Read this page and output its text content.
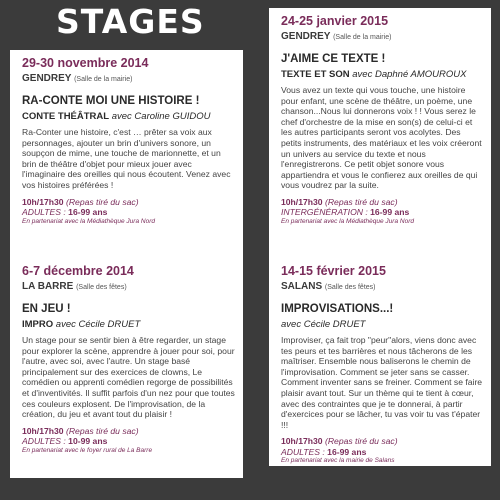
STAGES
29-30 novembre 2014
GENDREY (Salle de la mairie)
RA-CONTE MOI UNE HISTOIRE !
CONTE THÉÂTRAL avec Caroline GUIDOU
Ra-Conter une histoire, c'est … prêter sa voix aux personnages, ajouter un brin d'univers sonore, un soupçon de mime, une touche de marionnette, et un brin de théâtre d'objet pour mieux jouer avec l'imaginaire des oreilles qui nous écoutent. Venez avec vos histoires préférées !
10h/17h30 (Repas tiré du sac)
ADULTES : 16-99 ans
En partenariat avec la Médiathèque Jura Nord
24-25 janvier 2015
GENDREY (Salle de la mairie)
J'AIME CE TEXTE !
TEXTE ET SON avec Daphné AMOUROUX
Vous avez un texte qui vous touche, une histoire pour enfant, une scène de théâtre, un poème, une chanson...Nous lui donnerons voix ! ! Vous serez le chef d'orchestre de la mise en son(s) de celui-ci et les autres participants seront vos acolytes. Des petits instruments, des matériaux et les voix créeront un univers au service du texte et nous l'enregistrerons. Ce petit objet sonore vous appartiendra et vous le confierez aux oreilles de qui vous voudrez par la suite.
10h/17h30 (Repas tiré du sac)
INTERGÉNÉRATION : 16-99 ans
En partenariat avec la Médiathèque Jura Nord
6-7 décembre 2014
LA BARRE (Salle des fêtes)
EN JEU !
IMPRO avec Cécile DRUET
Un stage pour se sentir bien à être regarder, un stage pour explorer la scène, apprendre à jouer pour soi, pour l'autre, avec soi, avec l'autre. Un stage basé principalement sur des exercices de clowns, Le comédien ou apprenti comédien regorge de possibilités et d'inventivités. Il suffit parfois d'un nez pour que toutes ces couleurs explosent. De l'improvisation, de la création, du jeu et avant tout du plaisir !
10h/17h30 (Repas tiré du sac)
ADULTES : 10-99 ans
En partenariat avec le foyer rural de La Barre
14-15 février 2015
SALANS (Salle des fêtes)
IMPROVISATIONS...!
avec Cécile DRUET
Improviser, ça fait trop "peur"alors, viens donc avec tes peurs et tes barrières et nous tâcherons de les maîtriser. Ensemble nous baliserons le chemin de l'improvisation. Comment se jeter sans se casser. Comment inventer sans se freiner. Comment se faire plaisir avant tout. Sur un thème qui te tient à cœur, avec des contraintes que je te donnerai, à partir d'exercices pour se lâcher, tu vas voir tu vas t'épater !!!
10h/17h30 (Repas tiré du sac)
ADULTES : 16-99 ans
En partenariat avec la mairie de Salans
